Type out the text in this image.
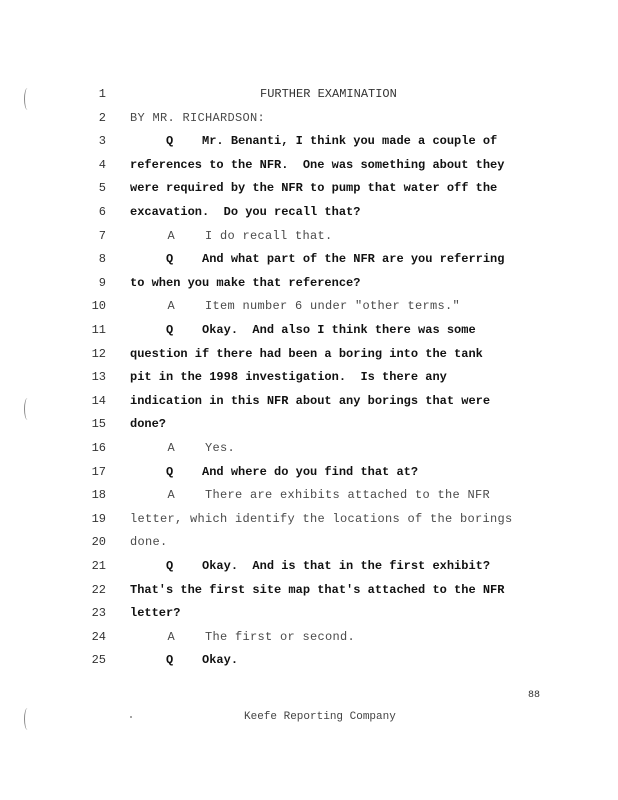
1	FURTHER EXAMINATION
2 BY MR. RICHARDSON:
3 Q    Mr. Benanti, I think you made a couple of
4 references to the NFR.  One was something about they
5 were required by the NFR to pump that water off the
6 excavation.  Do you recall that?
7 A    I do recall that.
8 Q    And what part of the NFR are you referring
9 to when you make that reference?
10 A    Item number 6 under "other terms."
11 Q    Okay.  And also I think there was some
12 question if there had been a boring into the tank
13 pit in the 1998 investigation.  Is there any
14 indication in this NFR about any borings that were
15 done?
16 A    Yes.
17 Q    And where do you find that at?
18 A    There are exhibits attached to the NFR
19 letter, which identify the locations of the borings
20 done.
21 Q    Okay.  And is that in the first exhibit?
22 That's the first site map that's attached to the NFR
23 letter?
24 A    The first or second.
25 Q    Okay.
88
Keefe Reporting Company
